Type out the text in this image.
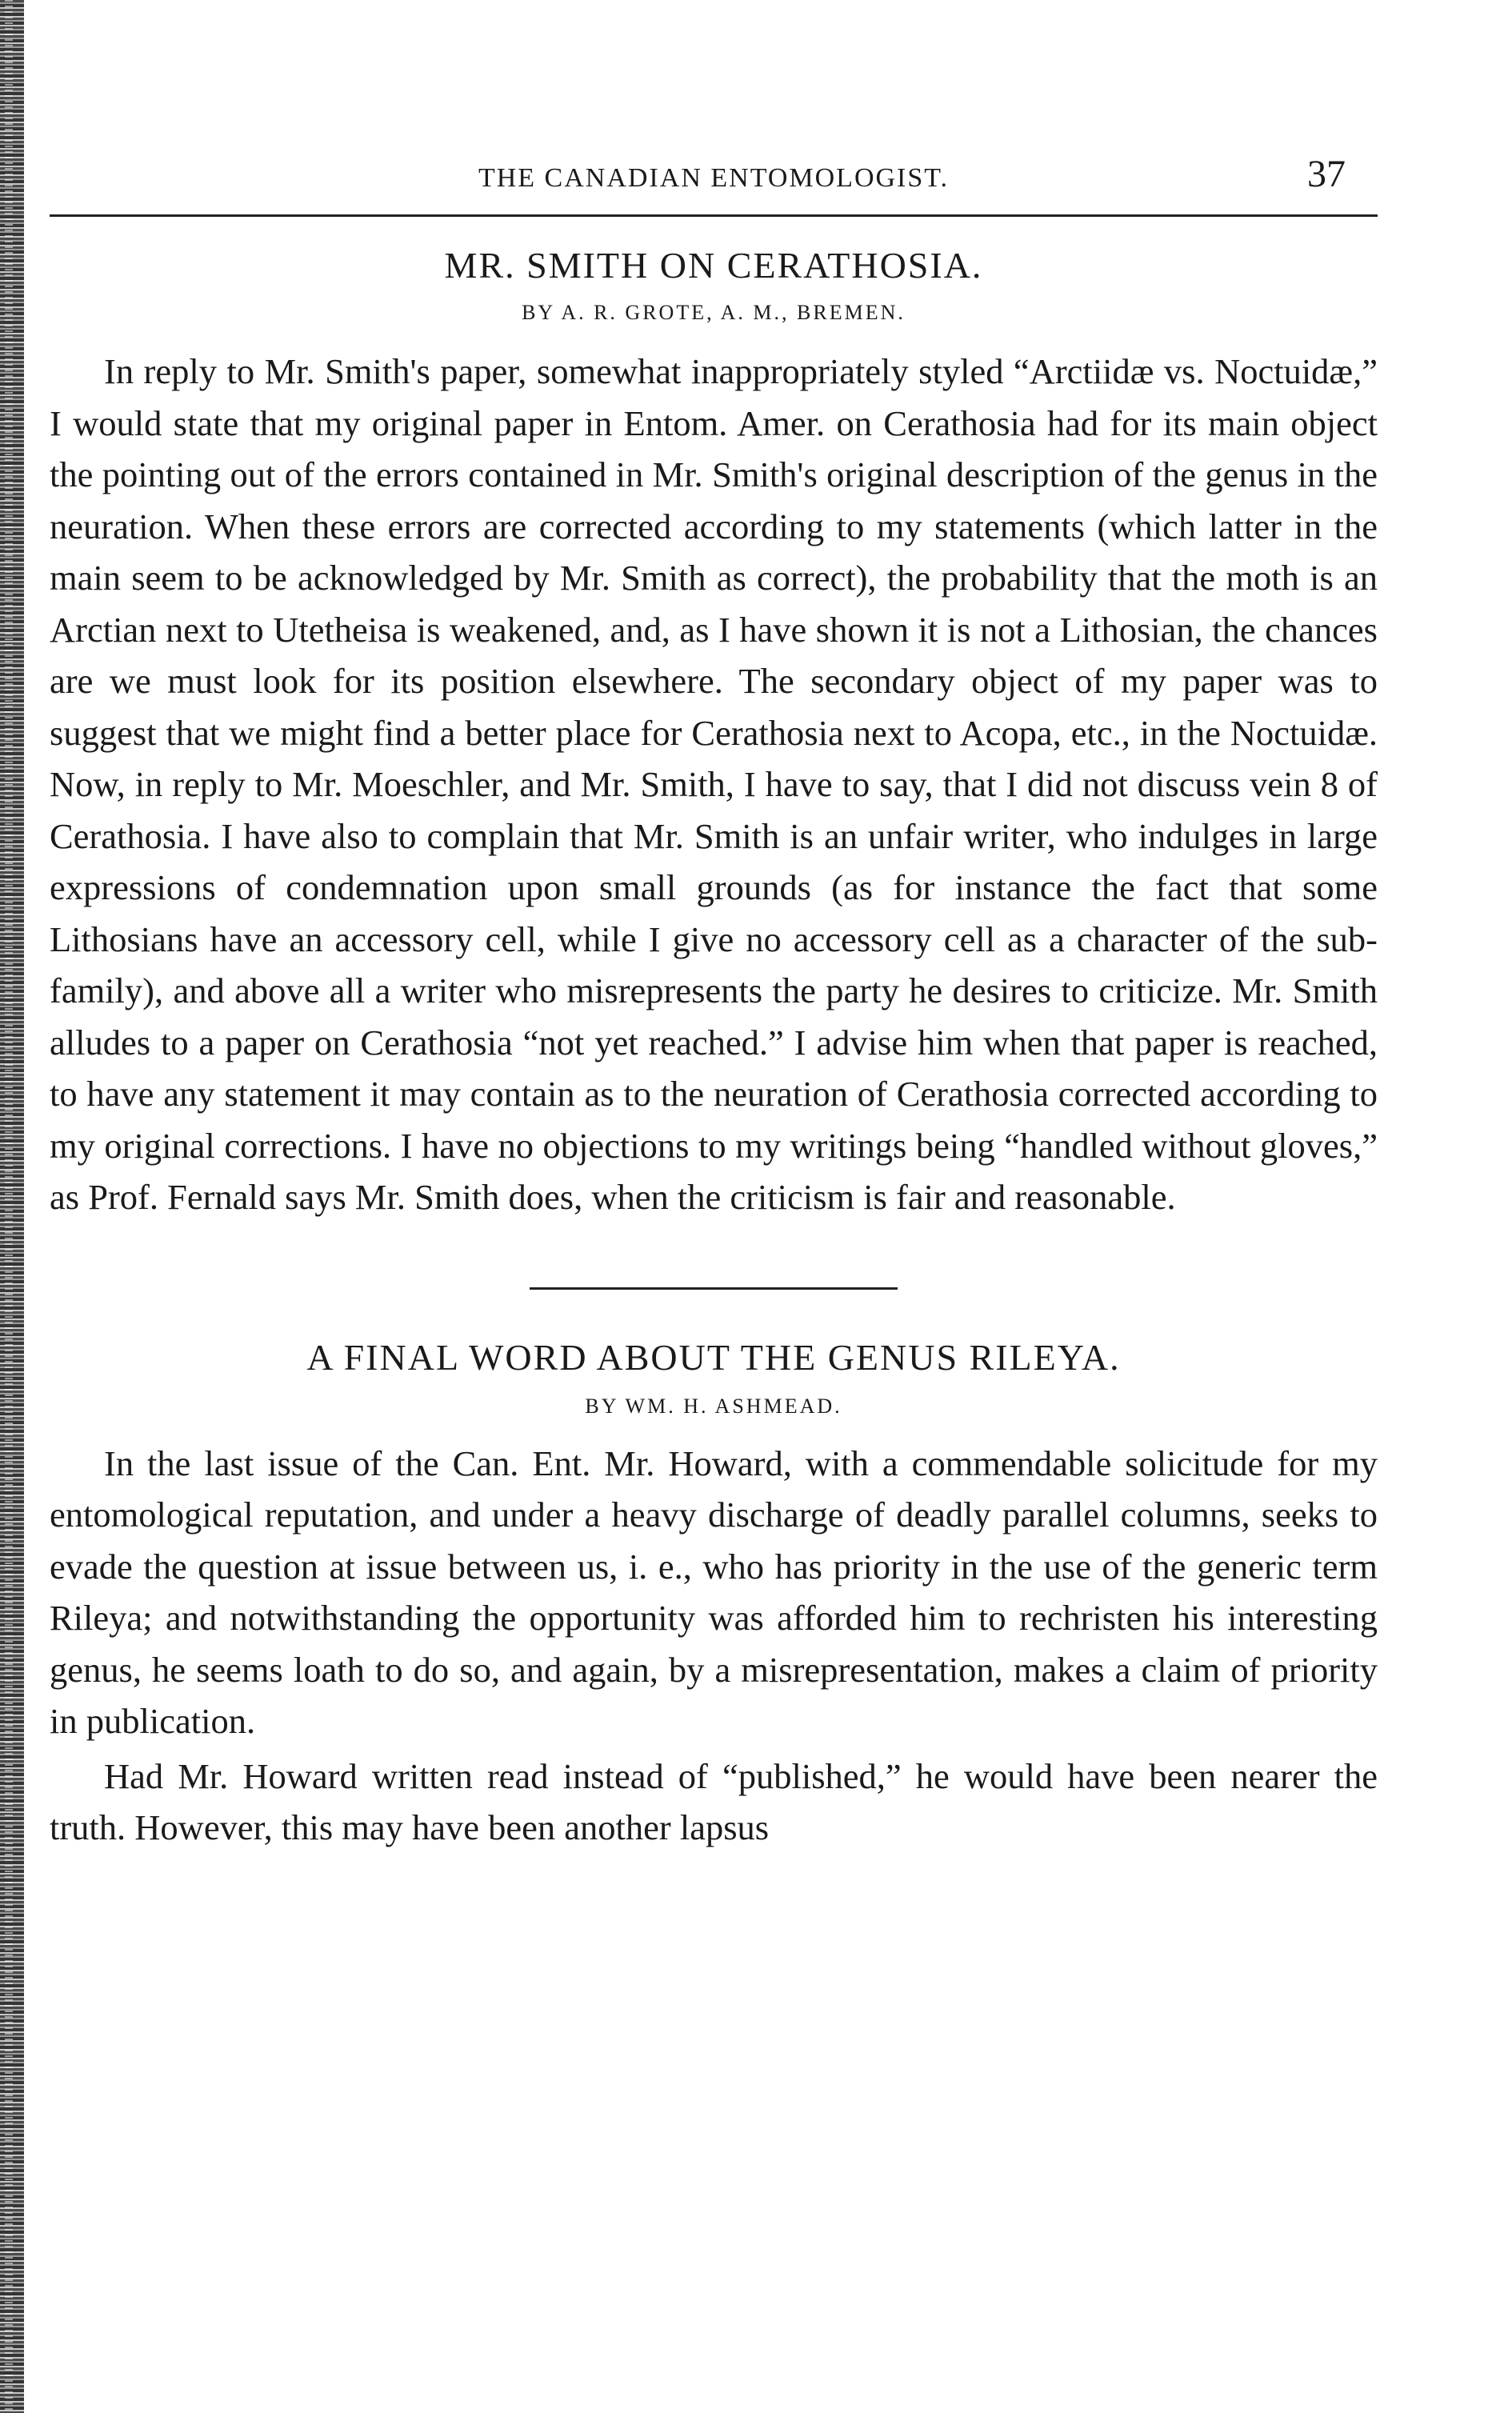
THE CANADIAN ENTOMOLOGIST.	37
MR. SMITH ON CERATHOSIA.
BY A. R. GROTE, A. M., BREMEN.

In reply to Mr. Smith's paper, somewhat inappropriately styled “Arctiidæ vs. Noctuidæ,” I would state that my original paper in Entom. Amer. on Cerathosia had for its main object the pointing out of the errors contained in Mr. Smith's original description of the genus in the neuration. When these errors are corrected according to my statements (which latter in the main seem to be acknowledged by Mr. Smith as correct), the probability that the moth is an Arctian next to Utetheisa is weakened, and, as I have shown it is not a Lithosian, the chances are we must look for its position elsewhere. The secondary object of my paper was to suggest that we might find a better place for Cerathosia next to Acopa, etc., in the Noctuidæ. Now, in reply to Mr. Moeschler, and Mr. Smith, I have to say, that I did not discuss vein 8 of Cerathosia. I have also to complain that Mr. Smith is an unfair writer, who indulges in large expressions of condemnation upon small grounds (as for instance the fact that some Lithosians have an accessory cell, while I give no accessory cell as a character of the sub-family), and above all a writer who misrepresents the party he desires to criticize. Mr. Smith alludes to a paper on Cerathosia “not yet reached.” I advise him when that paper is reached, to have any statement it may contain as to the neuration of Cerathosia corrected according to my original corrections. I have no objections to my writings being “handled without gloves,” as Prof. Fernald says Mr. Smith does, when the criticism is fair and reasonable.

A FINAL WORD ABOUT THE GENUS RILEYA.
BY WM. H. ASHMEAD.

In the last issue of the Can. Ent. Mr. Howard, with a commendable solicitude for my entomological reputation, and under a heavy discharge of deadly parallel columns, seeks to evade the question at issue between us, i. e., who has priority in the use of the generic term Rileya; and notwithstanding the opportunity was afforded him to rechristen his interesting genus, he seems loath to do so, and again, by a misrepresentation, makes a claim of priority in publication.

Had Mr. Howard written read instead of “published,” he would have been nearer the truth. However, this may have been another lapsus
